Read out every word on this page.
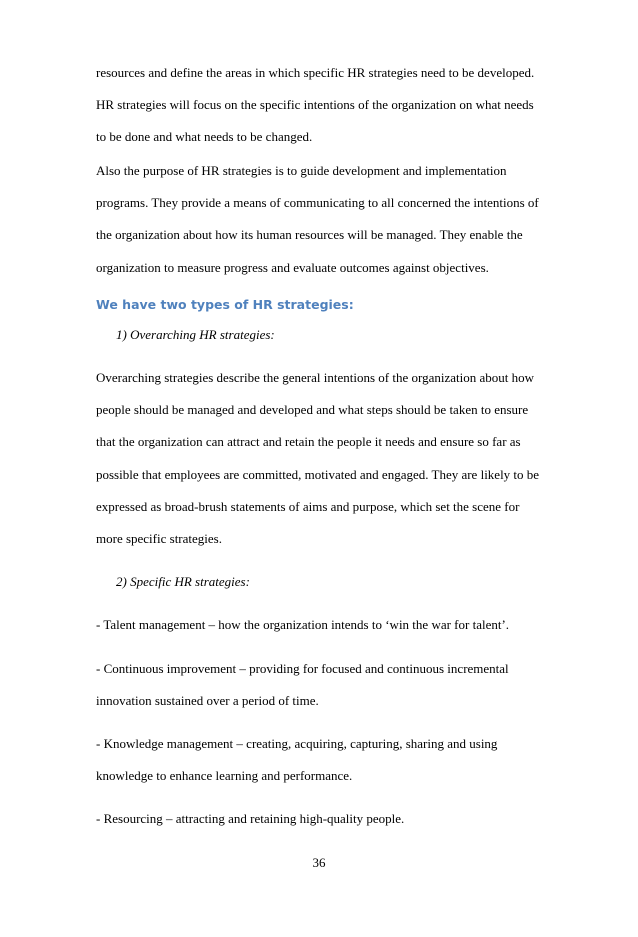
resources and define the areas in which specific HR strategies need to be developed.

HR strategies will focus on the specific intentions of the organization on what needs

to be done and what needs to be changed.

Also the purpose of HR strategies is to guide development and implementation

programs. They provide a means of communicating to all concerned the intentions of

the organization about how its human resources will be managed. They enable the

organization to measure progress and evaluate outcomes against objectives.

We have two types of HR strategies:

1) Overarching HR strategies:

Overarching strategies describe the general intentions of the organization about how

people should be managed and developed and what steps should be taken to ensure

that the organization can attract and retain the people it needs and ensure so far as

possible that employees are committed, motivated and engaged. They are likely to be

expressed as broad-brush statements of aims and purpose, which set the scene for

more specific strategies.

2) Specific HR strategies:

- Talent management – how the organization intends to ‘win the war for talent’.

- Continuous improvement – providing for focused and continuous incremental

innovation sustained over a period of time.

- Knowledge management – creating, acquiring, capturing, sharing and using

knowledge to enhance learning and performance.

- Resourcing – attracting and retaining high-quality people.

36
